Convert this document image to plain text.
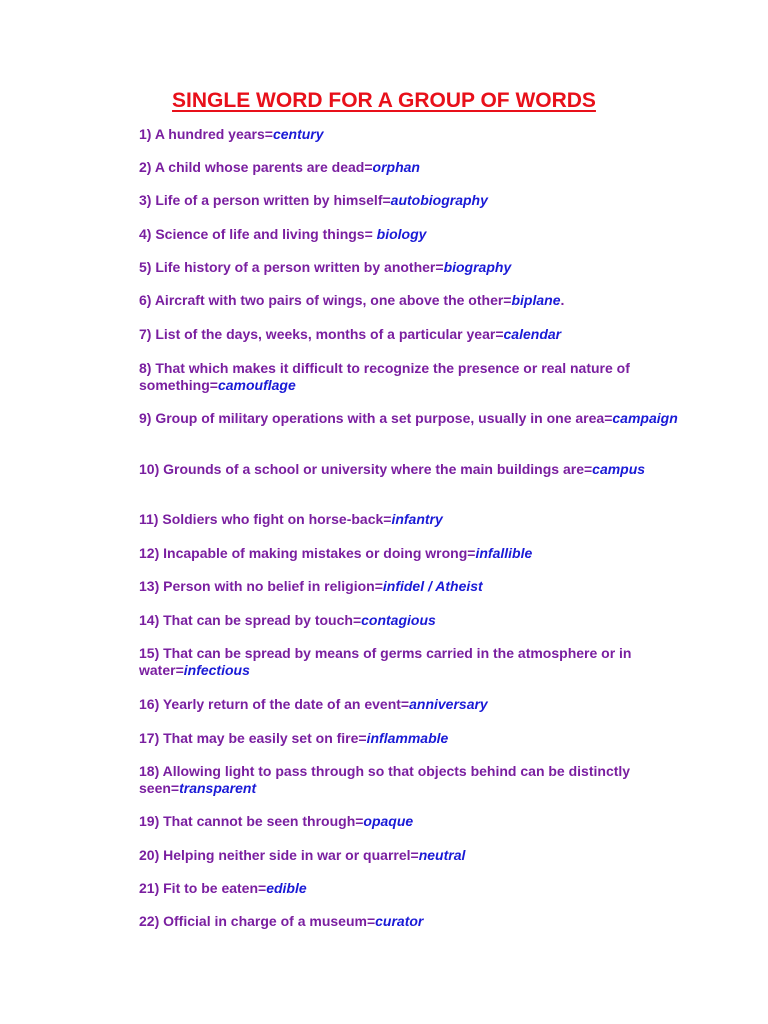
SINGLE WORD FOR A GROUP OF WORDS

1) A hundred years=century

2) A child whose parents are dead=orphan

3) Life of a person written by himself=autobiography

4) Science of life and living things= biology

5) Life history of a person written by another=biography

6) Aircraft with two pairs of wings, one above the other=biplane.

7) List of the days, weeks, months of a particular year=calendar

8) That which makes it difficult to recognize the presence or real nature of something=camouflage

9) Group of military operations with a set purpose, usually in one area=campaign

10) Grounds of a school or university where the main buildings are=campus

11) Soldiers who fight on horse-back=infantry

12) Incapable of making mistakes or doing wrong=infallible

13) Person with no belief in religion=infidel / Atheist

14) That can be spread by touch=contagious

15) That can be spread by means of germs carried in the atmosphere or in water=infectious

16) Yearly return of the date of an event=anniversary

17) That may be easily set on fire=inflammable

18) Allowing light to pass through so that objects behind can be distinctly seen=transparent

19) That cannot be seen through=opaque

20) Helping neither side in war or quarrel=neutral

21) Fit to be eaten=edible

22) Official in charge of a museum=curator
